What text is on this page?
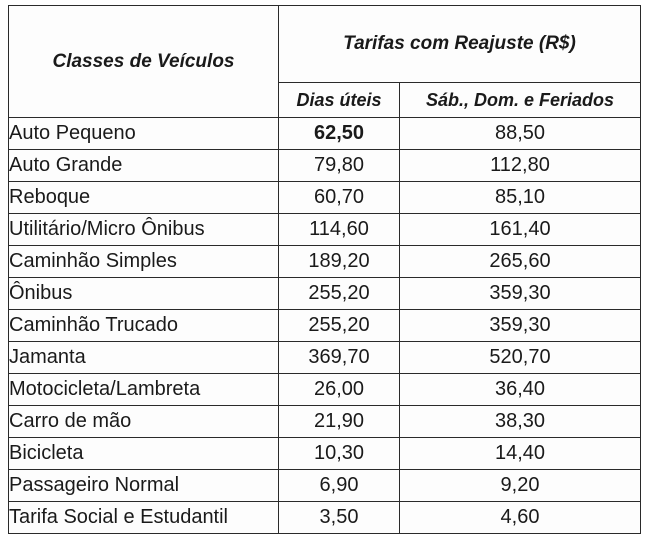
Classes de Veículos	Tarifas com Reajuste (R$)	
	Dias úteis	Sáb., Dom. e Feriados
Auto Pequeno	62,50	88,50
Auto Grande	79,80	112,80
Reboque	60,70	85,10
Utilitário/Micro Ônibus	114,60	161,40
Caminhão Simples	189,20	265,60
Ônibus	255,20	359,30
Caminhão Trucado	255,20	359,30
Jamanta	369,70	520,70
Motocicleta/Lambreta	26,00	36,40
Carro de mão	21,90	38,30
Bicicleta	10,30	14,40
Passageiro Normal	6,90	9,20
Tarifa Social e Estudantil	3,50	4,60
